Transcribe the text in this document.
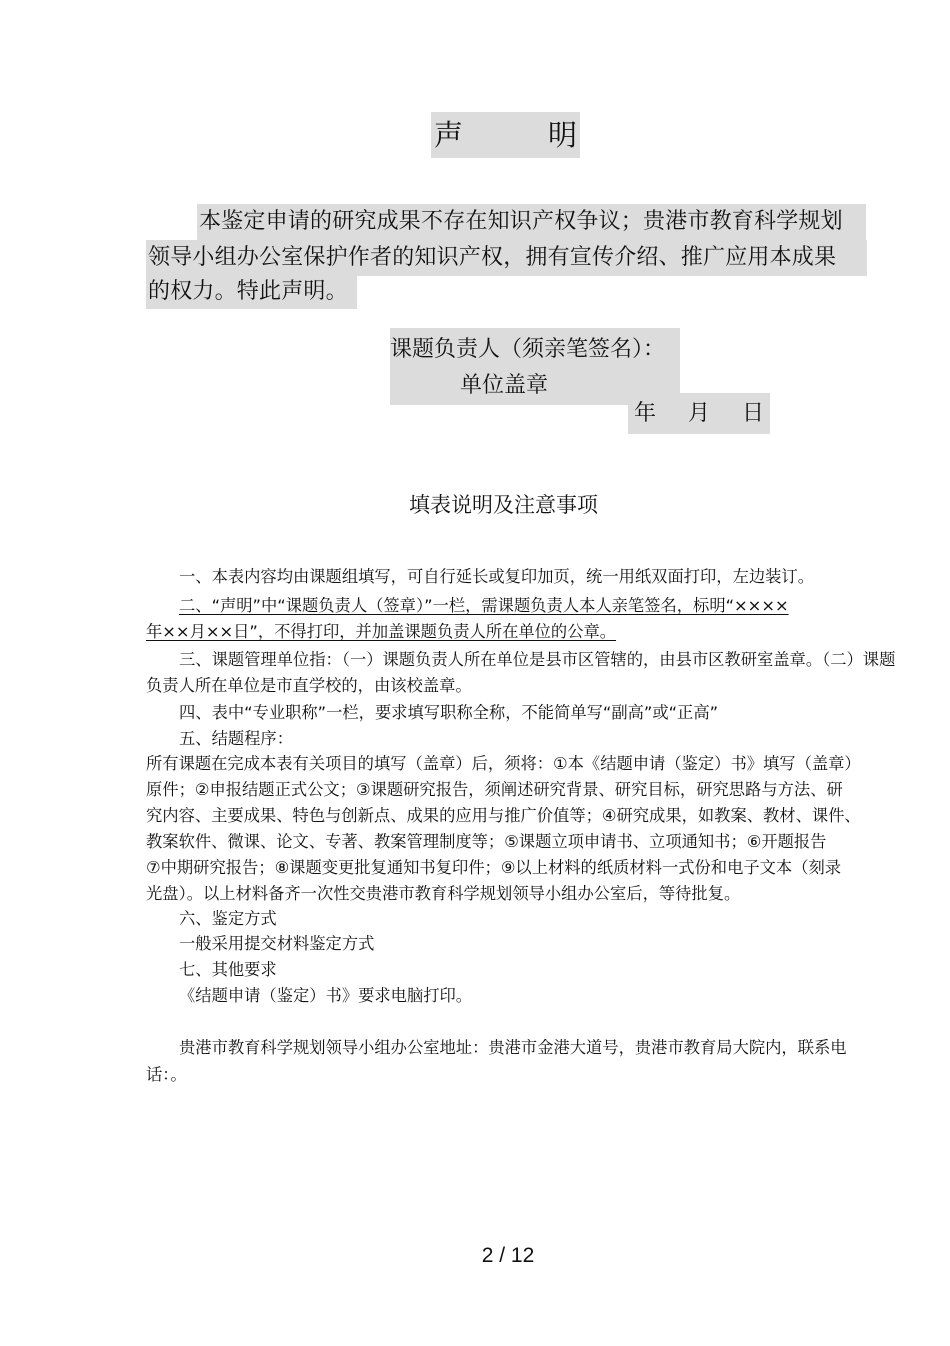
声	明
本鉴定申请的研究成果不存在知识产权争议；贵港市教育科学规划
领导小组办公室保护作者的知识产权，拥有宣传介绍、推广应用本成果
的权力。特此声明。
课题负责人（须亲笔签名）：
单位盖章
年 月 日
填表说明及注意事项
一、本表内容均由课题组填写，可自行延长或复印加页，统一用纸双面打印，左边装订。
二、“声明”中“课题负责人（签章）”一栏，需课题负责人本人亲笔签名，标明“××××
年××月××日”，不得打印，并加盖课题负责人所在单位的公章。
三、课题管理单位指：（一）课题负责人所在单位是县市区管辖的，由县市区教研室盖章。（二）课题
负责人所在单位是市直学校的，由该校盖章。
四、表中“专业职称”一栏，要求填写职称全称，不能简单写“副高”或“正高”
五、结题程序：
所有课题在完成本表有关项目的填写（盖章）后，须将：①本《结题申请（鉴定）书》填写（盖章）
原件；②申报结题正式公文；③课题研究报告，须阐述研究背景、研究目标，研究思路与方法、研
究内容、主要成果、特色与创新点、成果的应用与推广价值等；④研究成果，如教案、教材、课件、
教案软件、微课、论文、专著、教案管理制度等；⑤课题立项申请书、立项通知书；⑥开题报告
⑦中期研究报告；⑧课题变更批复通知书复印件；⑨以上材料的纸质材料一式份和电子文本（刻录
光盘）。以上材料备齐一次性交贵港市教育科学规划领导小组办公室后，等待批复。
六、鉴定方式
一般采用提交材料鉴定方式
七、其他要求
《结题申请（鉴定）书》要求电脑打印。
贵港市教育科学规划领导小组办公室地址：贵港市金港大道号，贵港市教育局大院内，联系电
话：。
2 / 12
